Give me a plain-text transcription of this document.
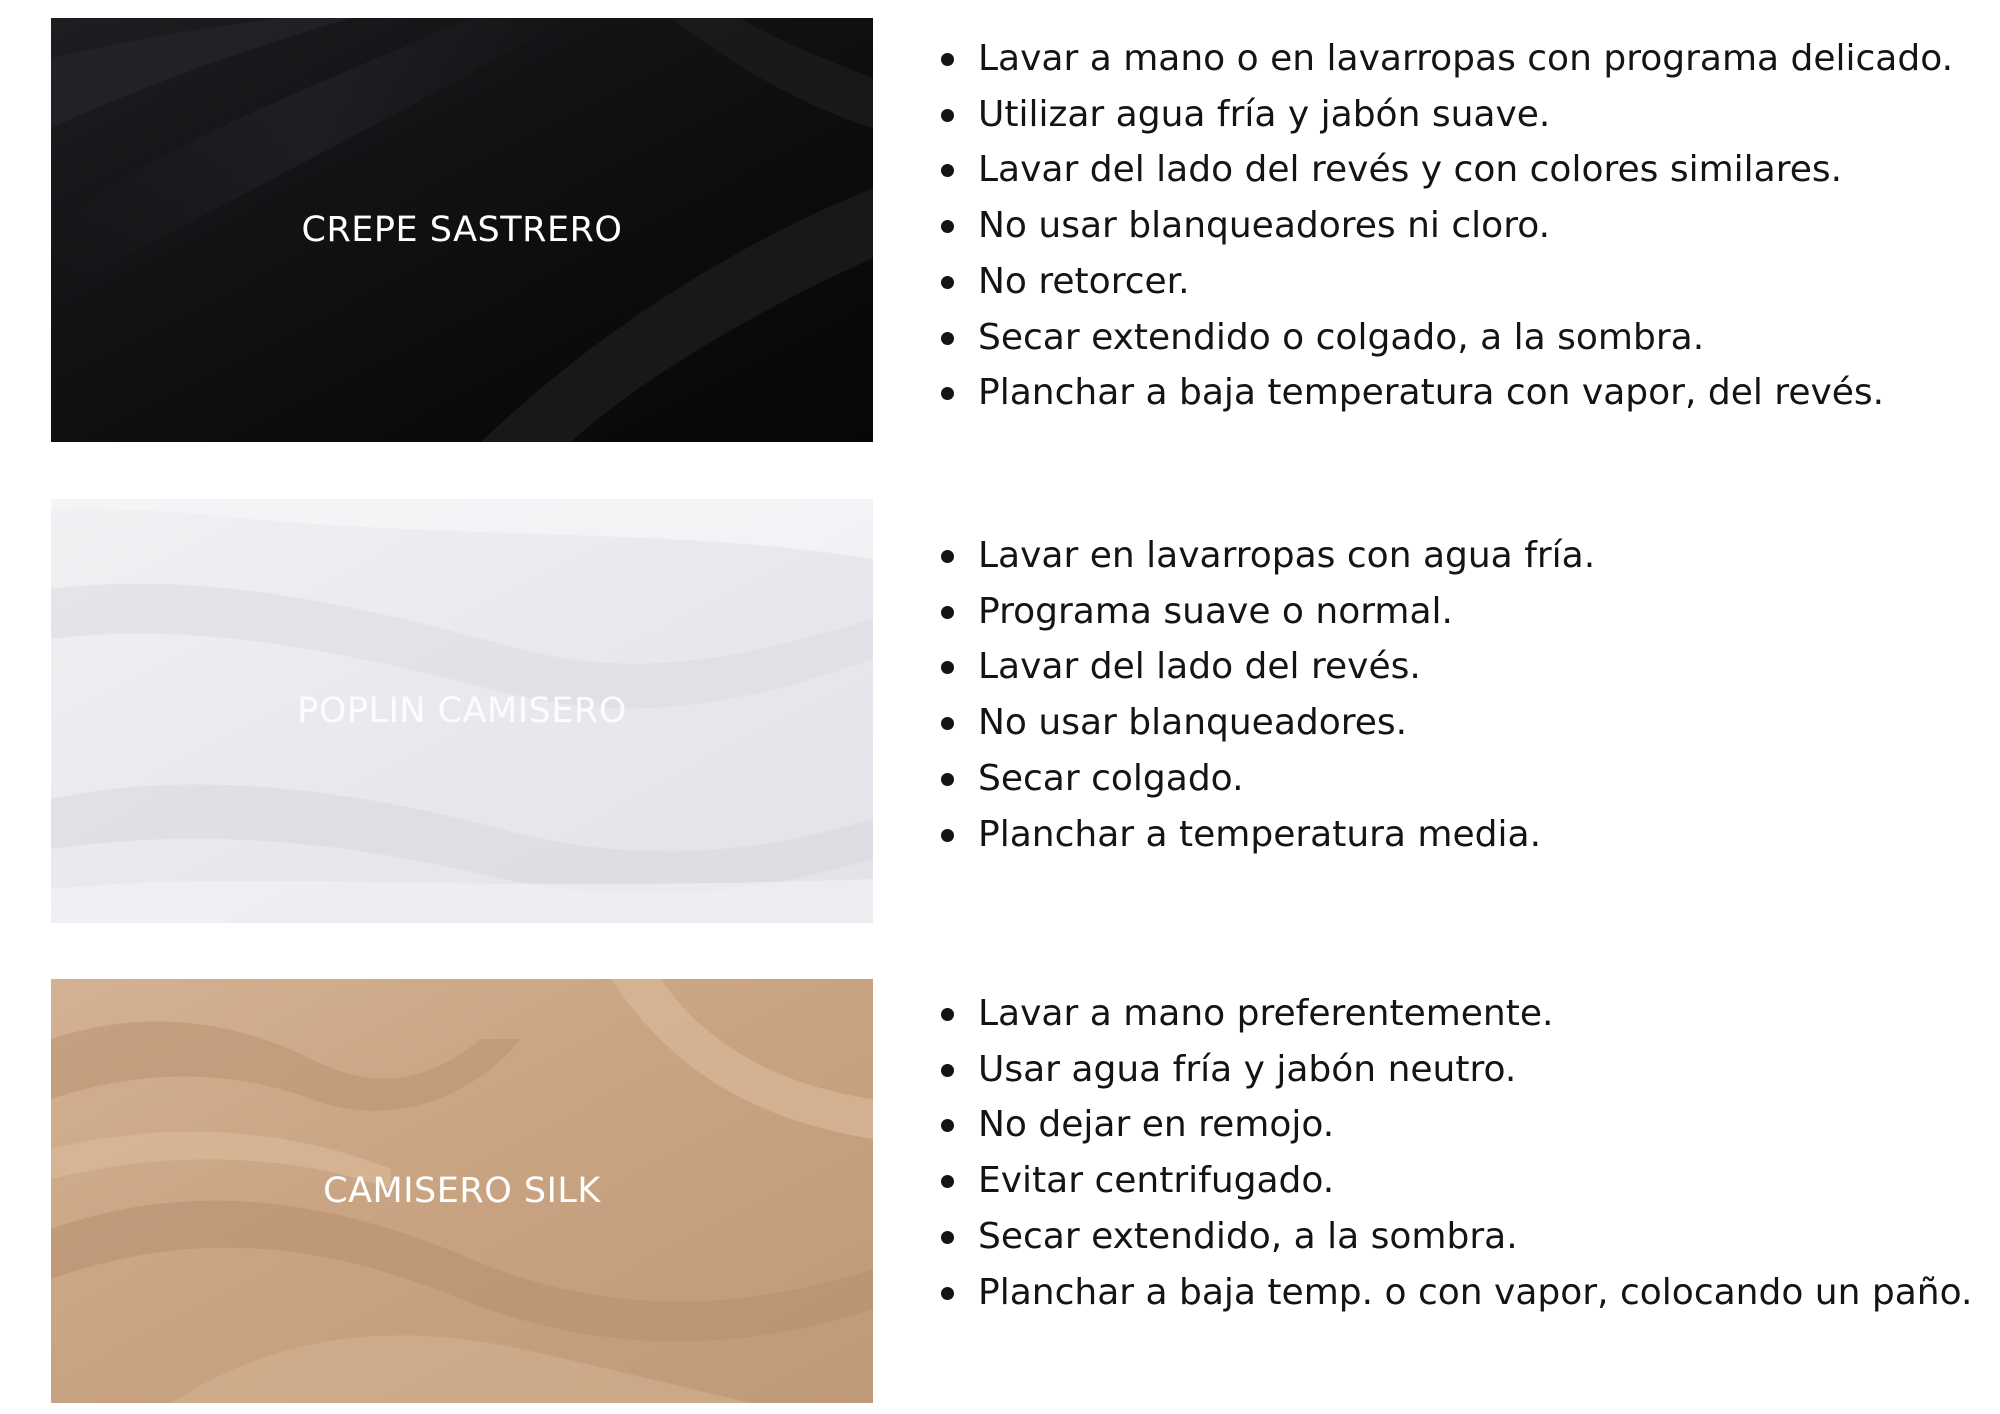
CREPE SASTRERO
Lavar a mano o en lavarropas con programa delicado.
Utilizar agua fría y jabón suave.
Lavar del lado del revés y con colores similares.
No usar blanqueadores ni cloro.
No retorcer.
Secar extendido o colgado, a la sombra.
Planchar a baja temperatura con vapor, del revés.
POPLIN CAMISERO
Lavar en lavarropas con agua fría.
Programa suave o normal.
Lavar del lado del revés.
No usar blanqueadores.
Secar colgado.
Planchar a temperatura media.
CAMISERO SILK
Lavar a mano preferentemente.
Usar agua fría y jabón neutro.
No dejar en remojo.
Evitar centrifugado.
Secar extendido, a la sombra.
Planchar a baja temp. o con vapor, colocando un paño.
